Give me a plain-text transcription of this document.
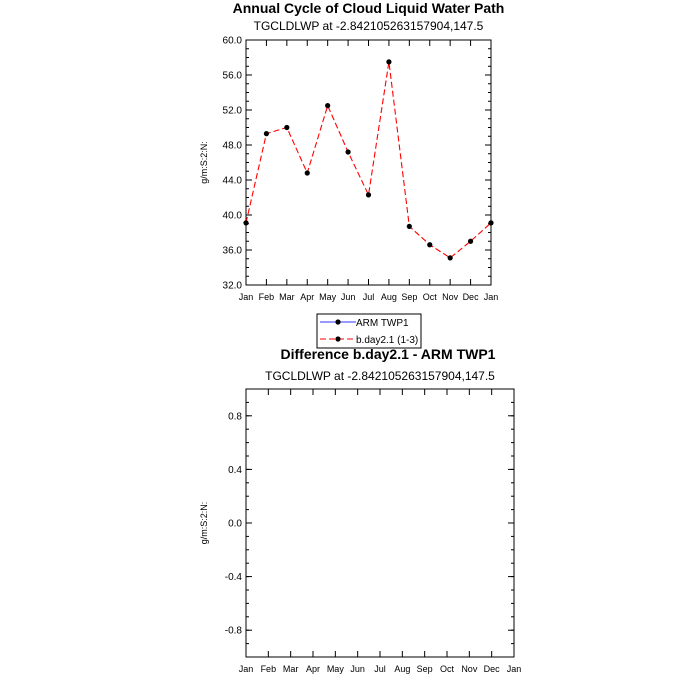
Annual Cycle of Cloud Liquid Water Path
TGCLDLWP at -2.842105263157904,147.5
60.0
56.0
52.0
48.0
44.0
40.0
36.0
32.0
Jan Feb Mar Apr May Jun Jul Aug Sep Oct Nov Dec Jan
g/m:S:2:N:
ARM TWP1
b.day2.1 (1-3)
Difference b.day2.1 - ARM TWP1
TGCLDLWP at -2.842105263157904,147.5
0.8
0.4
0.0
-0.4
-0.8
Jan Feb Mar Apr May Jun Jul Aug Sep Oct Nov Dec Jan
g/m:S:2:N:
